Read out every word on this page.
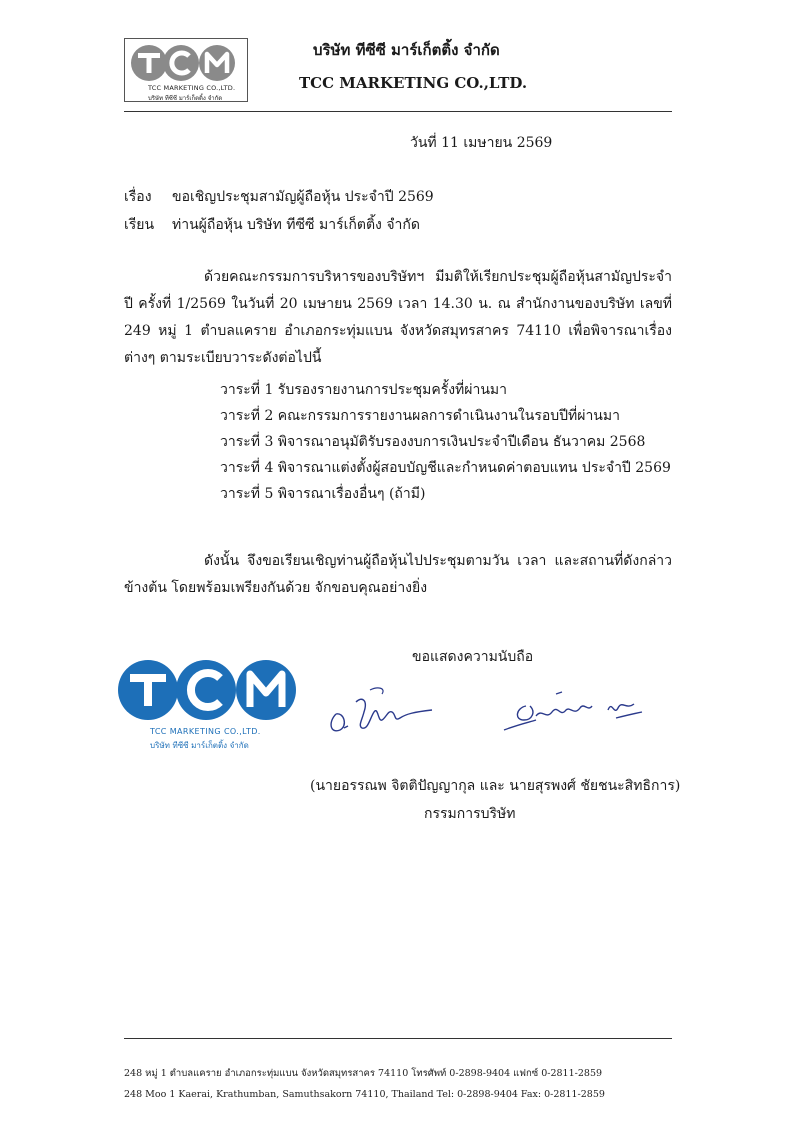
TCC MARKETING CO.,LTD.
บริษัท ทีซีซี มาร์เก็ตติ้ง จำกัด
บริษัท ทีซีซี มาร์เก็ตติ้ง จำกัด
TCC MARKETING CO.,LTD.
วันที่ 11 เมษายน 2569
เรื่อง ขอเชิญประชุมสามัญผู้ถือหุ้น ประจำปี 2569
เรียน ท่านผู้ถือหุ้น บริษัท ทีซีซี มาร์เก็ตติ้ง จำกัด
ด้วยคณะกรรมการบริหารของบริษัทฯ มีมติให้เรียกประชุมผู้ถือหุ้นสามัญประจำปี ครั้งที่ 1/2569 ในวันที่ 20 เมษายน 2569 เวลา 14.30 น. ณ สำนักงานของบริษัท เลขที่ 249 หมู่ 1 ตำบลแคราย อำเภอกระทุ่มแบน จังหวัดสมุทรสาคร 74110 เพื่อพิจารณาเรื่องต่างๆ ตามระเบียบวาระดังต่อไปนี้
วาระที่ 1 รับรองรายงานการประชุมครั้งที่ผ่านมา
วาระที่ 2 คณะกรรมการรายงานผลการดำเนินงานในรอบปีที่ผ่านมา
วาระที่ 3 พิจารณาอนุมัติรับรองงบการเงินประจำปีเดือน ธันวาคม 2568
วาระที่ 4 พิจารณาแต่งตั้งผู้สอบบัญชีและกำหนดค่าตอบแทน ประจำปี 2569
วาระที่ 5 พิจารณาเรื่องอื่นๆ (ถ้ามี)
ดังนั้น จึงขอเรียนเชิญท่านผู้ถือหุ้นไปประชุมตามวัน เวลา และสถานที่ดังกล่าวข้างต้น โดยพร้อมเพรียงกันด้วย จักขอบคุณอย่างยิ่ง
ขอแสดงความนับถือ
TCC MARKETING CO.,LTD.
บริษัท ทีซีซี มาร์เก็ตติ้ง จำกัด
(นายอรรณพ จิตติปัญญากุล และ นายสุรพงศ์ ชัยชนะสิทธิการ)
กรรมการบริษัท
248 หมู่ 1 ตำบลแคราย อำเภอกระทุ่มแบน จังหวัดสมุทรสาคร 74110 โทรศัพท์ 0-2898-9404 แฟกซ์ 0-2811-2859
248 Moo 1 Kaerai, Krathumban, Samuthsakorn 74110, Thailand Tel: 0-2898-9404 Fax: 0-2811-2859
